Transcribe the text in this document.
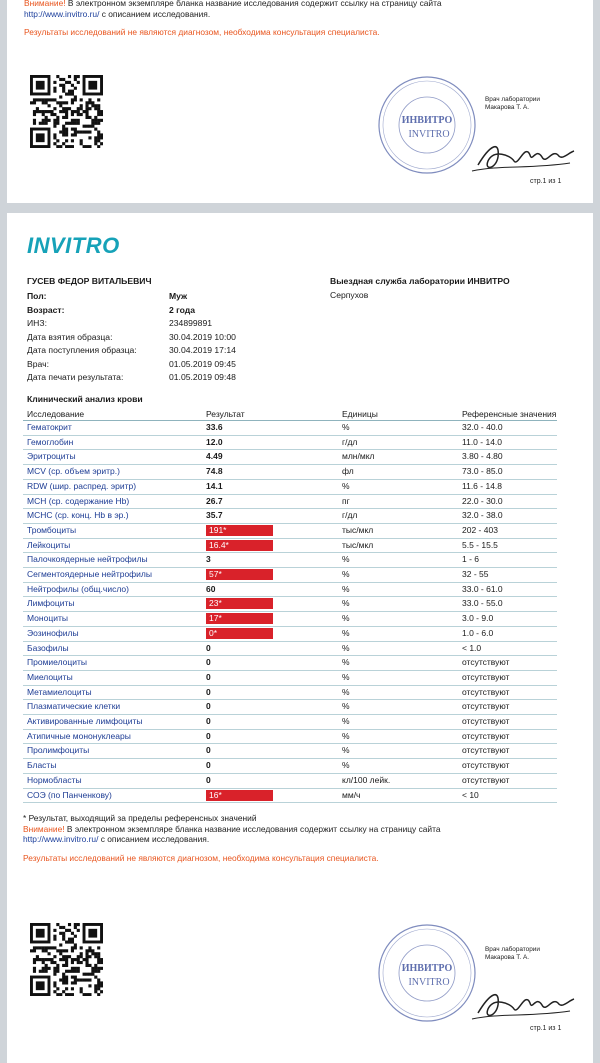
Внимание! В электронном экземпляре бланка название исследования содержит ссылку на страницу сайта
http://www.invitro.ru/ с описанием исследования.
Результаты исследований не являются диагнозом, необходима консультация специалиста.
ИНВИТРО
INVITRO
Врач лаборатории
Макарова Т. А.
стр.1 из 1
INVITRO
ГУСЕВ ФЕДОР ВИТАЛЬЕВИЧ	Выездная служба лаборатории ИНВИТРО
Серпухов
Пол:	Муж
Возраст:	2 года
ИНЗ:	234899891
Дата взятия образца:	30.04.2019 10:00
Дата поступления образца:	30.04.2019 17:14
Врач:	01.05.2019 09:45
Дата печати результата:	01.05.2019 09:48
Клинический анализ крови
Исследование	Результат	Единицы	Референсные значения
Гематокрит	33.6	%	32.0 - 40.0
Гемоглобин	12.0	г/дл	11.0 - 14.0
Эритроциты	4.49	млн/мкл	3.80 - 4.80
MCV (ср. объем эритр.)	74.8	фл	73.0 - 85.0
RDW (шир. распред. эритр)	14.1	%	11.6 - 14.8
MCH (ср. содержание Hb)	26.7	пг	22.0 - 30.0
MCHC (ср. конц. Hb в эр.)	35.7	г/дл	32.0 - 38.0
Тромбоциты	191*	тыс/мкл	202 - 403
Лейкоциты	16.4*	тыс/мкл	5.5 - 15.5
Палочкоядерные нейтрофилы	3	%	1 - 6
Сегментоядерные нейтрофилы	57*	%	32 - 55
Нейтрофилы (общ.число)	60	%	33.0 - 61.0
Лимфоциты	23*	%	33.0 - 55.0
Моноциты	17*	%	3.0 - 9.0
Эозинофилы	0*	%	1.0 - 6.0
Базофилы	0	%	< 1.0
Промиелоциты	0	%	отсутствуют
Миелоциты	0	%	отсутствуют
Метамиелоциты	0	%	отсутствуют
Плазматические клетки	0	%	отсутствуют
Активированные лимфоциты	0	%	отсутствуют
Атипичные мононуклеары	0	%	отсутствуют
Пролимфоциты	0	%	отсутствуют
Бласты	0	%	отсутствуют
Нормобласты	0	кл/100 лейк.	отсутствуют
СОЭ (по Панченкову)	16*	мм/ч	< 10
* Результат, выходящий за пределы референсных значений
Внимание! В электронном экземпляре бланка название исследования содержит ссылку на страницу сайта
http://www.invitro.ru/ с описанием исследования.
Результаты исследований не являются диагнозом, необходима консультация специалиста.
ИНВИТРО
INVITRO
Врач лаборатории
Макарова Т. А.
стр.1 из 1
